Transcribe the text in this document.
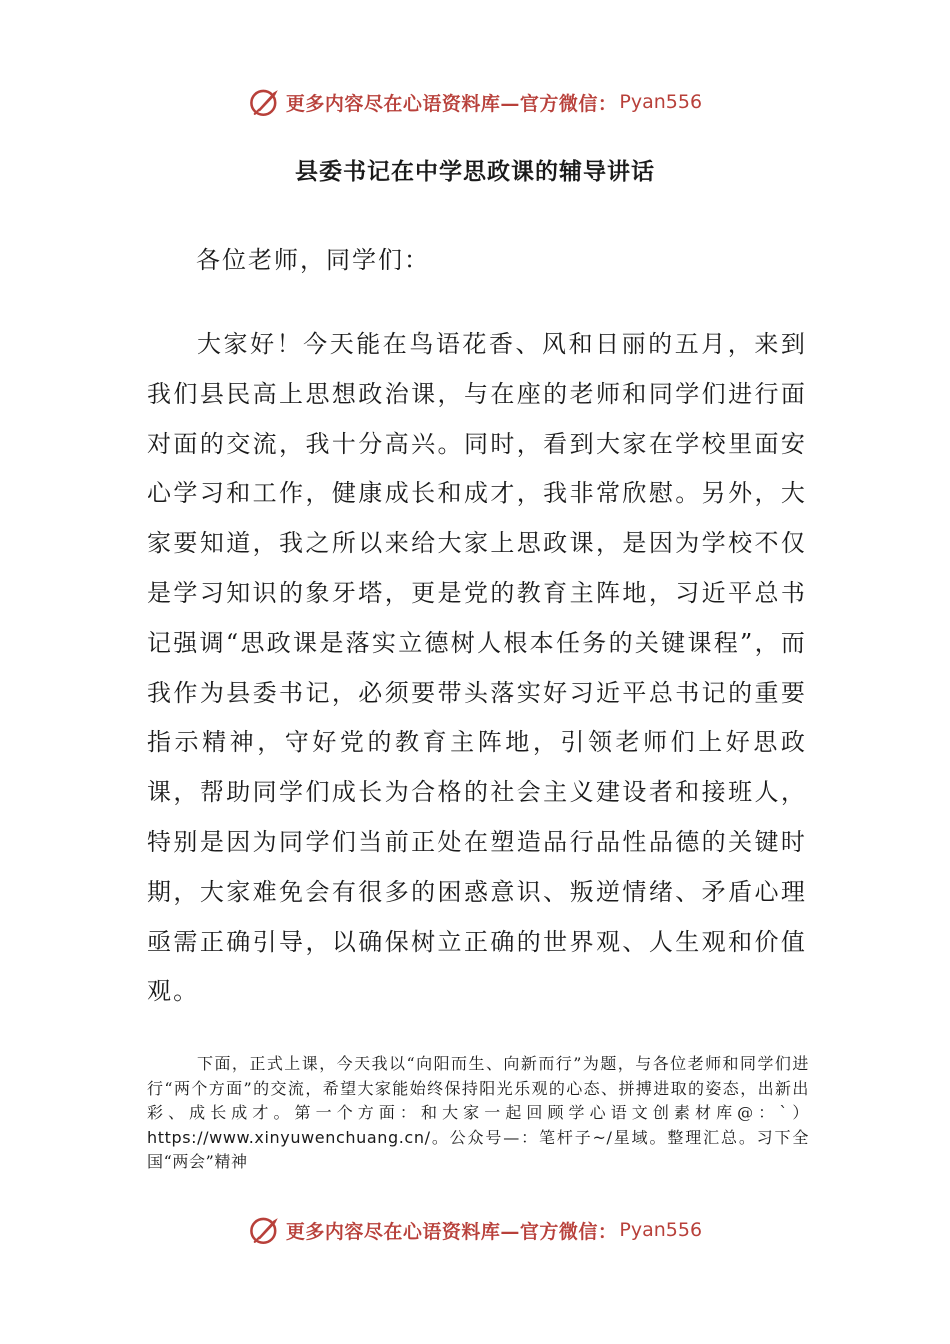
更多内容尽在心语资料库—官方微信： Pyan556
县委书记在中学思政课的辅导讲话
各位老师，同学们：

大家好！今天能在鸟语花香、风和日丽的五月，来到我们县民高上思想政治课，与在座的老师和同学们进行面对面的交流，我十分高兴。同时，看到大家在学校里面安心学习和工作，健康成长和成才，我非常欣慰。另外，大家要知道，我之所以来给大家上思政课，是因为学校不仅是学习知识的象牙塔，更是党的教育主阵地，习近平总书记强调“思政课是落实立德树人根本任务的关键课程”，而我作为县委书记，必须要带头落实好习近平总书记的重要指示精神，守好党的教育主阵地，引领老师们上好思政课，帮助同学们成长为合格的社会主义建设者和接班人，特别是因为同学们当前正处在塑造品行品性品德的关键时期，大家难免会有很多的困惑意识、叛逆情绪、矛盾心理亟需正确引导，以确保树立正确的世界观、人生观和价值观。

下面，正式上课，今天我以“向阳而生、向新而行”为题，与各位老师和同学们进行“两个方面”的交流，希望大家能始终保持阳光乐观的心态、拼搏进取的姿态，出新出彩、成长成才。第一个方面：和大家一起回顾学心语文创素材库@：`）https://www.xinyuwenchuang.cn/。公众号—：笔杆子~/星域。整理汇总。习下全国“两会”精神

更多内容尽在心语资料库—官方微信： Pyan556
